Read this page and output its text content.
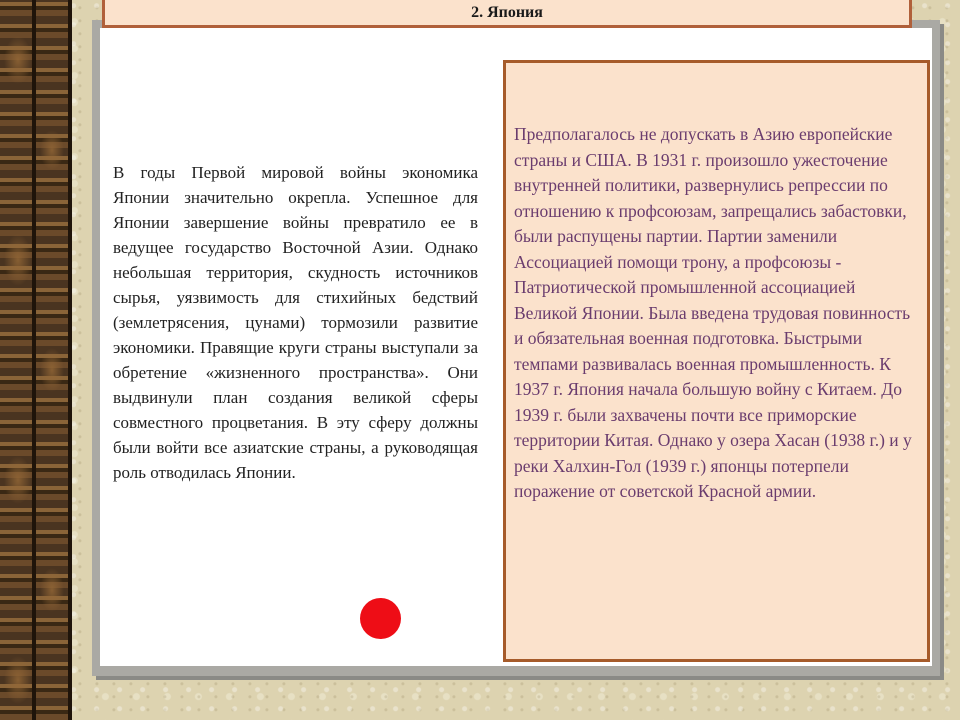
2. Япония

В годы Первой мировой войны экономика Японии значительно окрепла. Успешное для Японии завершение войны превратило ее в ведущее государство Восточной Азии. Однако небольшая территория, скудность источников сырья, уязвимость для стихийных бедствий (землетрясения, цунами) тормозили развитие экономики. Правящие круги страны выступали за обретение «жизненного пространства». Они выдвинули план создания великой сферы совместного процветания. В эту сферу должны были войти все азиатские страны, а руководящая роль отводилась Японии.

Предполагалось не допускать в Азию европейские страны и США. В 1931 г. произошло ужесточение внутренней политики, развернулись репрессии по отношению к профсоюзам, запрещались забастовки, были распущены партии. Партии заменили Ассоциацией помощи трону, а профсоюзы - Патриотической промышленной ассоциацией Великой Японии. Была введена трудовая повинность и обязательная военная подготовка. Быстрыми темпами развивалась военная промышленность. К 1937 г. Япония начала большую войну с Китаем. До 1939 г. были захвачены почти все приморские территории Китая. Однако у озера Хасан (1938 г.) и у реки Халхин-Гол (1939 г.) японцы потерпели поражение от советской Красной армии.
